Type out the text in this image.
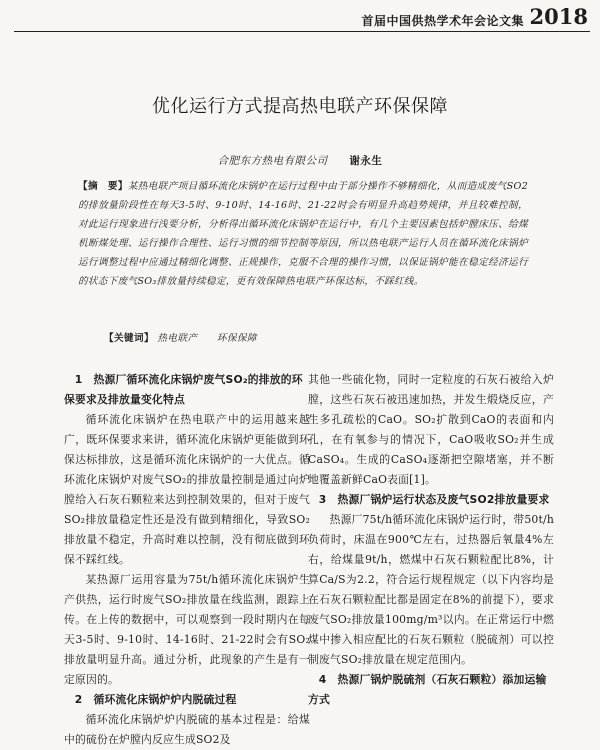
首届中国供热学术年会论文集 2018
优化运行方式提高热电联产环保保障
合肥东方热电有限公司 谢永生
【摘　要】某热电联产项目循环流化床锅炉在运行过程中由于部分操作不够精细化，从而造成废气SO2的排放量阶段性在每天3-5时、9-10时、14-16时、21-22时会有明显升高趋势规律，并且较难控制，对此运行现象进行浅要分析，分析得出循环流化床锅炉在运行中，有几个主要因素包括炉膛床压、给煤机断煤处理、运行操作合理性、运行习惯的细节控制等原因，所以热电联产运行人员在循环流化床锅炉运行调整过程中应通过精细化调整、正规操作，克服不合理的操作习惯，以保证锅炉能在稳定经济运行的状态下废气SO₃排放量持续稳定，更有效保障热电联产环保达标，不踩红线。
【关键词】 热电联产 环保保障
1　热源厂循环流化床锅炉废气SO₂的排放的环保要求及排放量变化特点

循环流化床锅炉在热电联产中的运用越来越广，既环保要求来讲，循环流化床锅炉更能做到环保达标排放，这是循环流化床锅炉的一大优点。循环流化床锅炉对废气SO₂的排放量控制是通过向炉膛给入石灰石颗粒来达到控制效果的，但对于废气SO₂排放量稳定性还是没有做到精细化，导致SO₂排放量不稳定，升高时难以控制，没有彻底做到环保不踩红线。

某热源厂运用容量为75t/h循环流化床锅炉生产供热，运行时废气SO₂排放量在线监测，跟踪上传。在上传的数据中，可以观察到一段时期内在每天3-5时、9-10时、14-16时、21-22时会有SO₂排放量明显升高。通过分析，此现象的产生是有一定原因的。

2　循环流化床锅炉炉内脱硫过程

循环流化床锅炉炉内脱硫的基本过程是：给煤中的硫份在炉膛内反应生成SO2及

其他一些硫化物，同时一定粒度的石灰石被给入炉膛，这些石灰石被迅速加热，并发生煅烧反应，产生多孔疏松的CaO。SO₂扩散到CaO的表面和内孔，在有氧参与的情况下，CaO吸收SO₂并生成CaSO₄。生成的CaSO₄逐渐把空隙堵塞，并不断地覆盖新鲜CaO表面[1]。

3　热源厂锅炉运行状态及废气SO2排放量要求

热源厂75t/h循环流化床锅炉运行时，带50t/h负荷时，床温在900℃左右，过热器后氧量4%左右，给煤量9t/h，燃煤中石灰石颗粒配比8%，计算Ca/S为2.2，符合运行规程规定（以下内容均是在石灰石颗粒配比都是固定在8%的前提下），要求废气SO₂排放量100mg/m³以内。在正常运行中燃煤中掺入相应配比的石灰石颗粒（脱硫剂）可以控制废气SO₂排放量在规定范围内。

4　热源厂锅炉脱硫剂（石灰石颗粒）添加运输方式
